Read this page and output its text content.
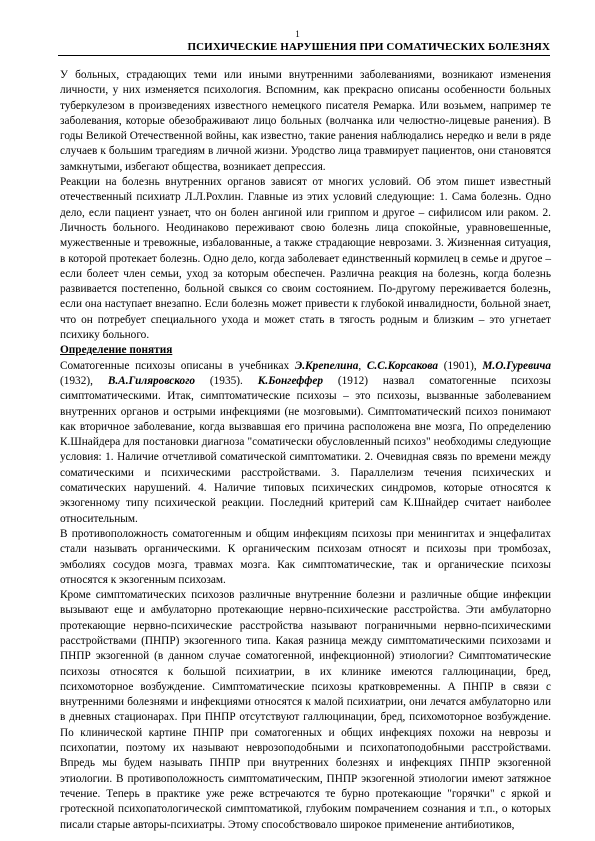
1
ПСИХИЧЕСКИЕ НАРУШЕНИЯ ПРИ СОМАТИЧЕСКИХ БОЛЕЗНЯХ

У больных, страдающих теми или иными внутренними заболеваниями, возникают изменения личности, у них изменяется психология. Вспомним, как прекрасно описаны особенности больных туберкулезом в произведениях известного немецкого писателя Ремарка. Или возьмем, например те заболевания, которые обезображивают лицо больных (волчанка или челюстно-лицевые ранения). В годы Великой Отечественной войны, как известно, такие ранения наблюдались нередко и вели в ряде случаев к большим трагедиям в личной жизни. Уродство лица травмирует пациентов, они становятся замкнутыми, избегают общества, возникает депрессия.

Реакции на болезнь внутренних органов зависят от многих условий. Об этом пишет известный отечественный психиатр Л.Л.Рохлин. Главные из этих условий следующие: 1. Сама болезнь. Одно дело, если пациент узнает, что он болен ангиной или гриппом и другое – сифилисом или раком. 2. Личность больного. Неодинаково переживают свою болезнь лица спокойные, уравновешенные, мужественные и тревожные, избалованные, а также страдающие неврозами. 3. Жизненная ситуация, в которой протекает болезнь. Одно дело, когда заболевает единственный кормилец в семье и другое – если болеет член семьи, уход за которым обеспечен. Различна реакция на болезнь, когда болезнь развивается постепенно, больной свыкся со своим состоянием. По-другому переживается болезнь, если она наступает внезапно. Если болезнь может привести к глубокой инвалидности, больной знает, что он потребует специального ухода и может стать в тягость родным и близким – это угнетает психику больного.

Определение понятия

Соматогенные психозы описаны в учебниках Э.Крепелина, С.С.Корсакова (1901), М.О.Гуревича (1932), В.А.Гиляровского (1935). К.Бонгеффер (1912) назвал соматогенные психозы симптоматическими. Итак, симптоматические психозы – это психозы, вызванные заболеванием внутренних органов и острыми инфекциями (не мозговыми). Симптоматический психоз понимают как вторичное заболевание, когда вызвавшая его причина расположена вне мозга, По определению К.Шнайдера для постановки диагноза "соматически обусловленный психоз" необходимы следующие условия: 1. Наличие отчетливой соматической симптоматики. 2. Очевидная связь по времени между соматическими и психическими расстройствами. 3. Параллелизм течения психических и соматических нарушений. 4. Наличие типовых психических синдромов, которые относятся к экзогенному типу психической реакции. Последний критерий сам К.Шнайдер считает наиболее относительным.

В противоположность соматогенным и общим инфекциям психозы при менингитах и энцефалитах стали называть органическими. К органическим психозам относят и психозы при тромбозах, эмболиях сосудов мозга, травмах мозга. Как симптоматические, так и органические психозы относятся к экзогенным психозам.

Кроме симптоматических психозов различные внутренние болезни и различные общие инфекции вызывают еще и амбулаторно протекающие нервно-психические расстройства. Эти амбулаторно протекающие нервно-психические расстройства называют пограничными нервно-психическими расстройствами (ПНПР) экзогенного типа. Какая разница между симптоматическими психозами и ПНПР экзогенной (в данном случае соматогенной, инфекционной) этиологии? Симптоматические психозы относятся к большой психиатрии, в их клинике имеются галлюцинации, бред, психомоторное возбуждение. Симптоматические психозы кратковременны. А ПНПР в связи с внутренними болезнями и инфекциями относятся к малой психиатрии, они лечатся амбулаторно или в дневных стационарах. При ПНПР отсутствуют галлюцинации, бред, психомоторное возбуждение. По клинической картине ПНПР при соматогенных и общих инфекциях похожи на неврозы и психопатии, поэтому их называют неврозоподобными и психопатоподобными расстройствами. Впредь мы будем называть ПНПР при внутренних болезнях и инфекциях ПНПР экзогенной этиологии. В противоположность симптоматическим, ПНПР экзогенной этиологии имеют затяжное течение. Теперь в практике уже реже встречаются те бурно протекающие "горячки" с яркой и гротескной психопатологической симптоматикой, глубоким помрачением сознания и т.п., о которых писали старые авторы-психиатры. Этому способствовало широкое применение антибиотиков,
